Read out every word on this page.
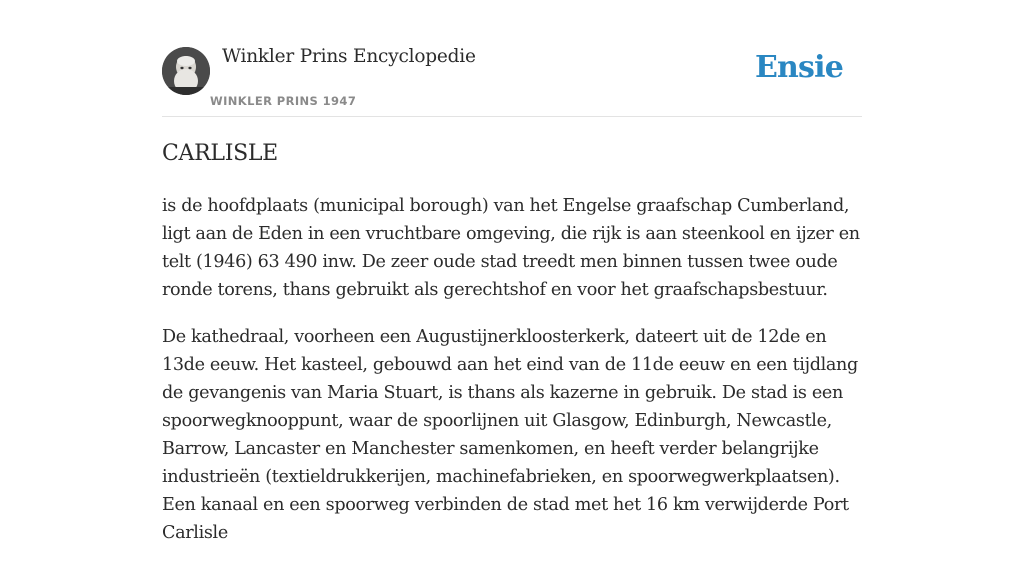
Winkler Prins Encyclopedie
WINKLER PRINS 1947
Ensie
CARLISLE

is de hoofdplaats (municipal borough) van het Engelse graafschap Cumberland, ligt aan de Eden in een vruchtbare omgeving, die rijk is aan steenkool en ijzer en telt (1946) 63 490 inw. De zeer oude stad treedt men binnen tussen twee oude ronde torens, thans gebruikt als gerechtshof en voor het graafschapsbestuur.

De kathedraal, voorheen een Augustijnerkloosterkerk, dateert uit de 12de en 13de eeuw. Het kasteel, gebouwd aan het eind van de 11de eeuw en een tijdlang de gevangenis van Maria Stuart, is thans als kazerne in gebruik. De stad is een spoorwegknooppunt, waar de spoorlijnen uit Glasgow, Edinburgh, Newcastle, Barrow, Lancaster en Manchester samenkomen, en heeft verder belangrijke industrieën (textieldrukkerijen, machinefabrieken, en spoorwegwerkplaatsen). Een kanaal en een spoorweg verbinden de stad met het 16 km verwijderde Port Carlisle
